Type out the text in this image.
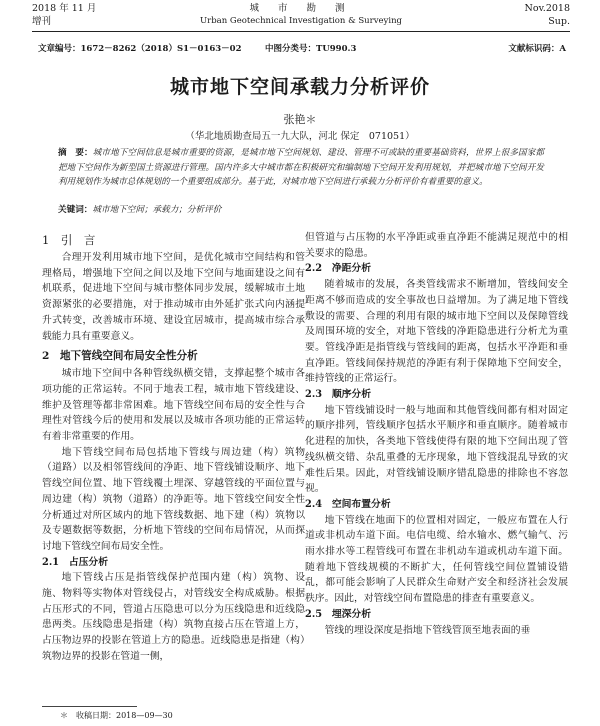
2018 年 11 月
增刊
城 市 勘 测
Urban Geotechnical Investigation & Surveying
Nov.2018
Sup.
文章编号：1672－8262（2018）S1－0163－02	中图分类号：TU990.3	文献标识码：A
城市地下空间承载力分析评价
张艳＊
（华北地质勘查局五一九大队，河北 保定　071051）
摘　要：城市地下空间信息是城市重要的资源，是城市地下空间规划、建设、管理不可或缺的重要基础资料，世界上很多国家都把地下空间作为新型国土资源进行管理。国内许多大中城市都在积极研究和编制地下空间开发利用规划，并把城市地下空间开发利用规划作为城市总体规划的一个重要组成部分。基于此，对城市地下空间进行承载力分析评价有着重要的意义。
关键词：城市地下空间；承载力；分析评价
1　引　言

合理开发利用城市地下空间，是优化城市空间结构和管理格局，增强地下空间之间以及地下空间与地面建设之间有机联系，促进地下空间与城市整体同步发展，缓解城市土地资源紧张的必要措施，对于推动城市由外延扩张式向内涵提升式转变，改善城市环境、建设宜居城市，提高城市综合承载能力具有重要意义。

2　地下管线空间布局安全性分析

城市地下空间中各种管线纵横交错，支撑起整个城市各项功能的正常运转。不同于地表工程，城市地下管线建设、维护及管理等都非常困难。地下管线空间布局的安全性与合理性对管线今后的使用和发展以及城市各项功能的正常运转有着非常重要的作用。

地下管线空间布局包括地下管线与周边建（构）筑物（道路）以及相邻管线间的净距、地下管线铺设顺序、地下管线空间位置、地下管线覆土埋深、穿越管线的平面位置与周边建（构）筑物（道路）的净距等。地下管线空间安全性分析通过对所区域内的地下管线数据、地下建（构）筑物以及专题数据等数据，分析地下管线的空间布局情况，从而探讨地下管线空间布局安全性。

2.1　占压分析

地下管线占压是指管线保护范围内建（构）筑物、设施、物料等实物体对管线侵占，对管线安全构成威胁。根据占压形式的不同，管道占压隐患可以分为压线隐患和近线隐患两类。压线隐患是指建（构）筑物直接占压在管道上方，占压物边界的投影在管道上方的隐患。近线隐患是指建（构）筑物边界的投影在管道一侧，

但管道与占压物的水平净距或垂直净距不能满足规范中的相关要求的隐患。

2.2　净距分析

随着城市的发展，各类管线需求不断增加，管线间安全距离不够而造成的安全事故也日益增加。为了满足地下管线敷设的需要、合理的利用有限的城市地下空间以及保障管线及周围环境的安全，对地下管线的净距隐患进行分析尤为重要。管线净距是指管线与管线间的距离，包括水平净距和垂直净距。管线间保持规范的净距有利于保障地下空间安全，维持管线的正常运行。

2.3　顺序分析

地下管线铺设时一般与地面和其他管线间都有相对固定的顺序排列，管线顺序包括水平顺序和垂直顺序。随着城市化进程的加快，各类地下管线使得有限的地下空间出现了管线纵横交错、杂乱重叠的无序现象，地下管线混乱导致的灾难性后果。因此，对管线铺设顺序错乱隐患的排除也不容忽视。

2.4　空间布置分析

地下管线在地面下的位置相对固定，一般应布置在人行道或非机动车道下面。电信电缆、给水输水、燃气输气、污雨水排水等工程管线可布置在非机动车道或机动车道下面。随着地下管线规模的不断扩大，任何管线空间位置铺设错乱，都可能会影响了人民群众生命财产安全和经济社会发展秩序。因此，对管线空间布置隐患的排查有重要意义。

2.5　埋深分析

管线的埋设深度是指地下管线管顶至地表面的垂

＊　收稿日期：2018—09—30
